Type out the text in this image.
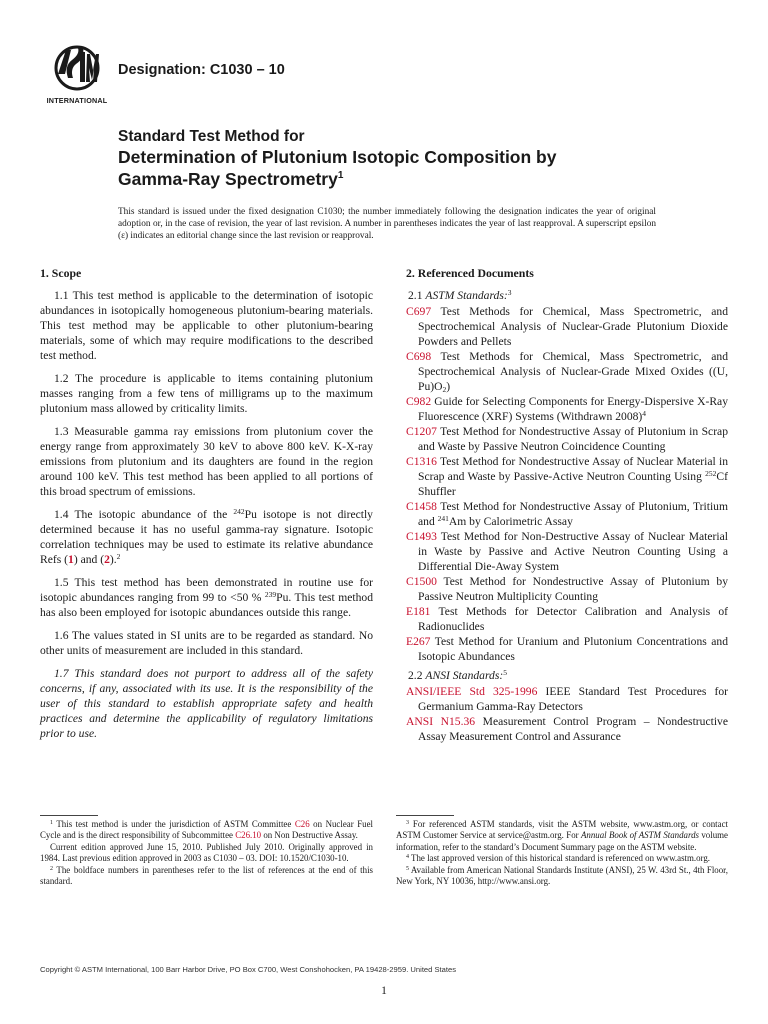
INTERNATIONAL
Designation: C1030 – 10
Standard Test Method for
Determination of Plutonium Isotopic Composition by
Gamma-Ray Spectrometry$^1$
This standard is issued under the fixed designation C1030; the number immediately following the designation indicates the year of original adoption or, in the case of revision, the year of last revision. A number in parentheses indicates the year of last reapproval. A superscript epsilon (ε) indicates an editorial change since the last revision or reapproval.
1. Scope

1.1 This test method is applicable to the determination of isotopic abundances in isotopically homogeneous plutonium-bearing materials. This test method may be applicable to other plutonium-bearing materials, some of which may require modifications to the described test method.

1.2 The procedure is applicable to items containing plutonium masses ranging from a few tens of milligrams up to the maximum plutonium mass allowed by criticality limits.

1.3 Measurable gamma ray emissions from plutonium cover the energy range from approximately 30 keV to above 800 keV. K-X-ray emissions from plutonium and its daughters are found in the region around 100 keV. This test method has been applied to all portions of this broad spectrum of emissions.

1.4 The isotopic abundance of the $^{242}$Pu isotope is not directly determined because it has no useful gamma-ray signature. Isotopic correlation techniques may be used to estimate its relative abundance Refs (1) and (2).$^2$

1.5 This test method has been demonstrated in routine use for isotopic abundances ranging from 99 to <50 % $^{239}$Pu. This test method has also been employed for isotopic abundances outside this range.

1.6 The values stated in SI units are to be regarded as standard. No other units of measurement are included in this standard.

1.7 This standard does not purport to address all of the safety concerns, if any, associated with its use. It is the responsibility of the user of this standard to establish appropriate safety and health practices and determine the applicability of regulatory limitations prior to use.

2. Referenced Documents
2.1 ASTM Standards:$^3$

C697 Test Methods for Chemical, Mass Spectrometric, and Spectrochemical Analysis of Nuclear-Grade Plutonium Dioxide Powders and Pellets

C698 Test Methods for Chemical, Mass Spectrometric, and Spectrochemical Analysis of Nuclear-Grade Mixed Oxides ((U, $Pu)O_2$)

C982 Guide for Selecting Components for Energy-Dispersive X-Ray Fluorescence (XRF) Systems (Withdrawn 2008)$^4$

C1207 Test Method for Nondestructive Assay of Plutonium in Scrap and Waste by Passive Neutron Coincidence Counting

C1316 Test Method for Nondestructive Assay of Nuclear Material in Scrap and Waste by Passive-Active Neutron Counting Using $^{252}$Cf Shuffler

C1458 Test Method for Nondestructive Assay of Plutonium, Tritium and $^{241}$Am by Calorimetric Assay

C1493 Test Method for Non-Destructive Assay of Nuclear Material in Waste by Passive and Active Neutron Counting Using a Differential Die-Away System

C1500 Test Method for Nondestructive Assay of Plutonium by Passive Neutron Multiplicity Counting

E181 Test Methods for Detector Calibration and Analysis of Radionuclides

E267 Test Method for Uranium and Plutonium Concentrations and Isotopic Abundances

2.2 ANSI Standards:$^5$

ANSI/IEEE Std 325-1996 IEEE Standard Test Procedures for Germanium Gamma-Ray Detectors

ANSI N15.36 Measurement Control Program – Nondestructive Assay Measurement Control and Assurance

$^1$ This test method is under the jurisdiction of ASTM Committee C26 on Nuclear Fuel Cycle and is the direct responsibility of Subcommittee C26.10 on Non Destructive Assay.

Current edition approved June 15, 2010. Published July 2010. Originally approved in 1984. Last previous edition approved in 2003 as C1030 – 03. DOI: 10.1520/C1030-10.

$^2$ The boldface numbers in parentheses refer to the list of references at the end of this standard.

$^3$ For referenced ASTM standards, visit the ASTM website, www.astm.org, or contact ASTM Customer Service at service@astm.org. For Annual Book of ASTM Standards volume information, refer to the standard’s Document Summary page on the ASTM website.

$^4$ The last approved version of this historical standard is referenced on www.astm.org.

$^5$ Available from American National Standards Institute (ANSI), 25 W. 43rd St., 4th Floor, New York, NY 10036, http://www.ansi.org.

Copyright © ASTM International, 100 Barr Harbor Drive, PO Box C700, West Conshohocken, PA 19428-2959. United States
1
